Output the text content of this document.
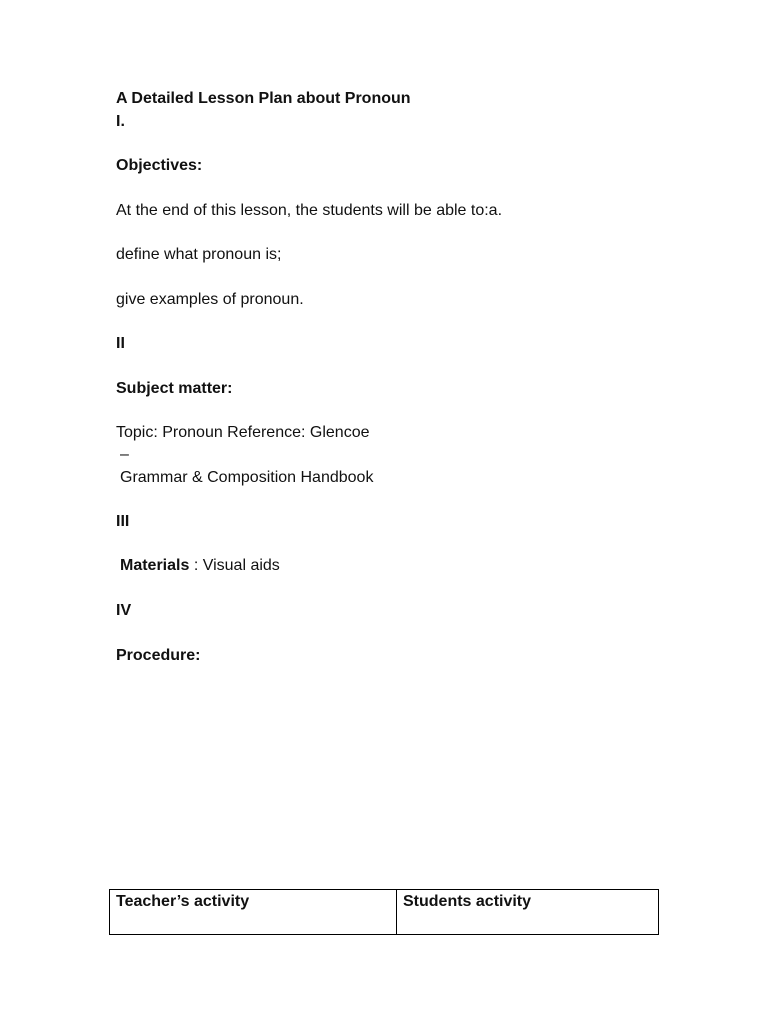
A Detailed Lesson Plan about Pronoun
I.
Objectives:
At the end of this lesson, the students will be able to:a.
define what pronoun is;
give examples of pronoun.
II
Subject matter:
Topic: Pronoun Reference: Glencoe
–
Grammar & Composition Handbook
III
Materials : Visual aids
IV
Procedure:
Teacher’s activity	Students activity
